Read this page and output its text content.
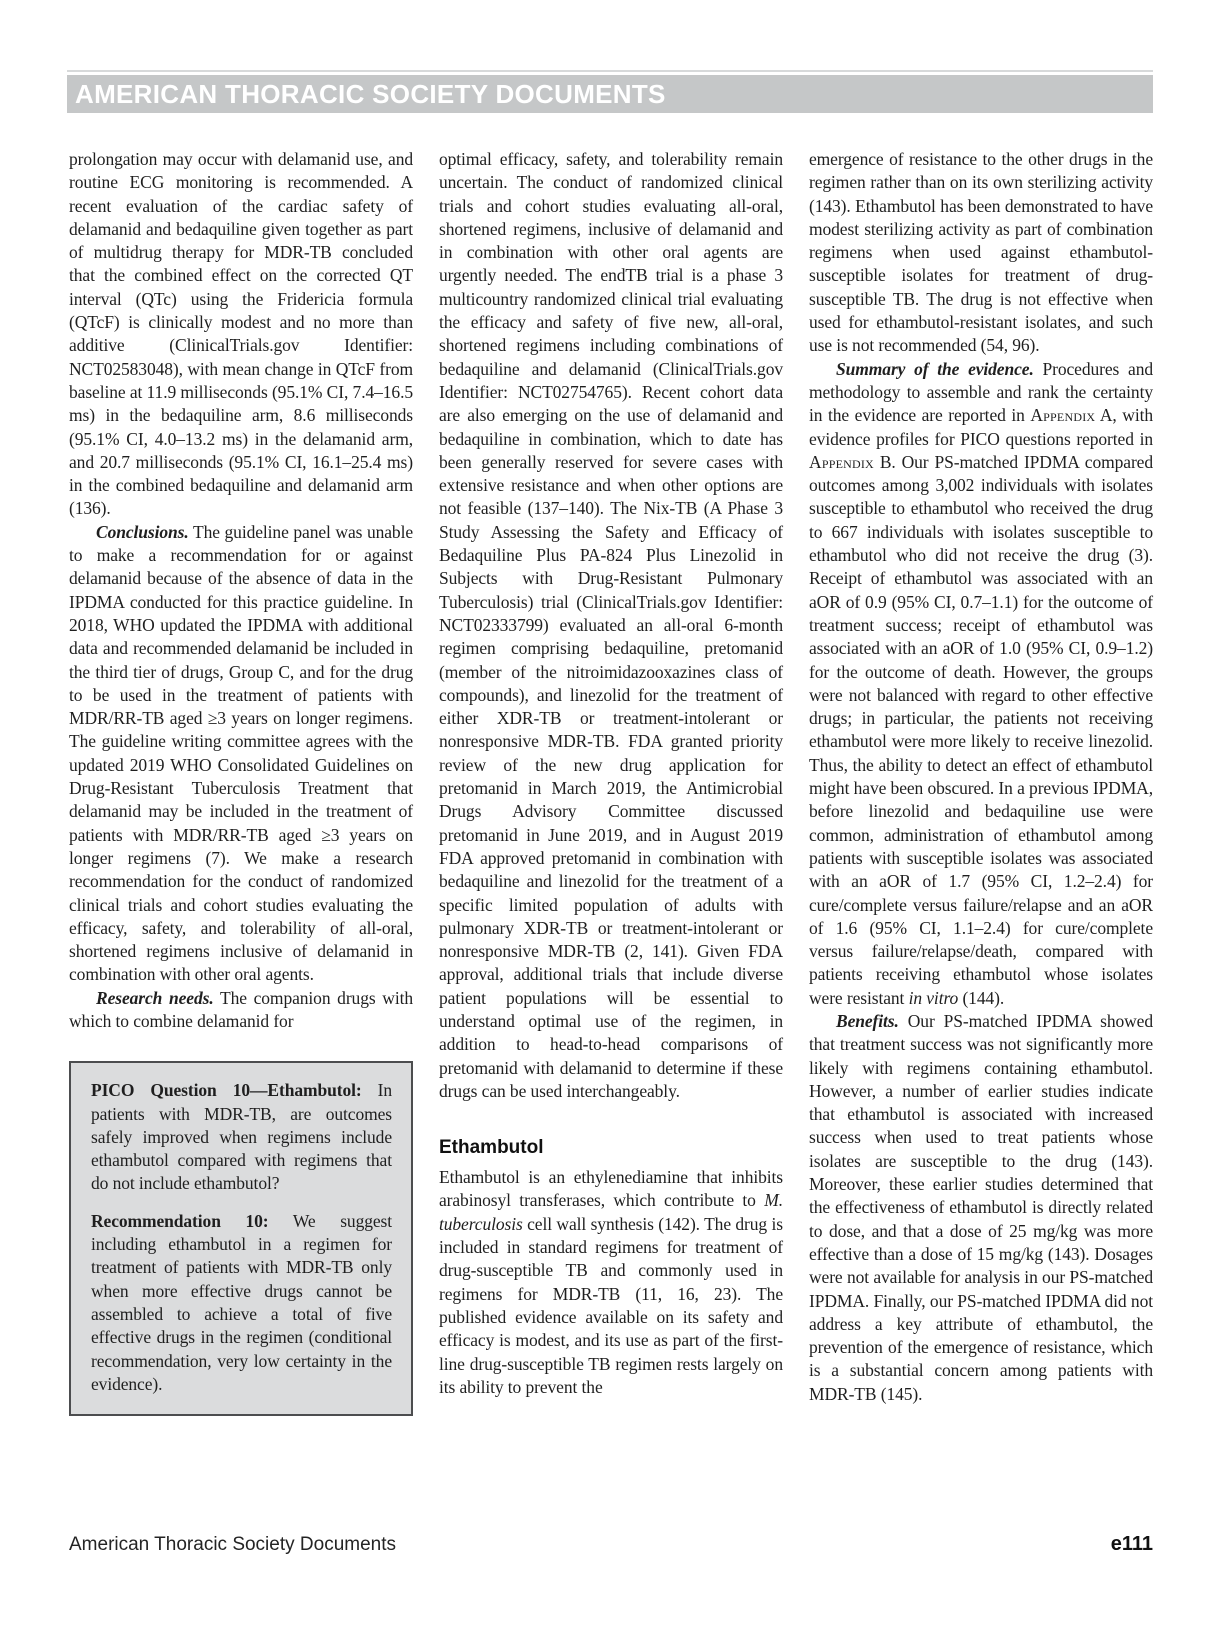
AMERICAN THORACIC SOCIETY DOCUMENTS

prolongation may occur with delamanid use, and routine ECG monitoring is recommended. A recent evaluation of the cardiac safety of delamanid and bedaquiline given together as part of multidrug therapy for MDR-TB concluded that the combined effect on the corrected QT interval (QTc) using the Fridericia formula (QTcF) is clinically modest and no more than additive (ClinicalTrials.gov Identifier: NCT02583048), with mean change in QTcF from baseline at 11.9 milliseconds (95.1% CI, 7.4–16.5 ms) in the bedaquiline arm, 8.6 milliseconds (95.1% CI, 4.0–13.2 ms) in the delamanid arm, and 20.7 milliseconds (95.1% CI, 16.1–25.4 ms) in the combined bedaquiline and delamanid arm (136).

Conclusions. The guideline panel was unable to make a recommendation for or against delamanid because of the absence of data in the IPDMA conducted for this practice guideline. In 2018, WHO updated the IPDMA with additional data and recommended delamanid be included in the third tier of drugs, Group C, and for the drug to be used in the treatment of patients with MDR/RR-TB aged ≥3 years on longer regimens. The guideline writing committee agrees with the updated 2019 WHO Consolidated Guidelines on Drug-Resistant Tuberculosis Treatment that delamanid may be included in the treatment of patients with MDR/RR-TB aged ≥3 years on longer regimens (7). We make a research recommendation for the conduct of randomized clinical trials and cohort studies evaluating the efficacy, safety, and tolerability of all-oral, shortened regimens inclusive of delamanid in combination with other oral agents.

Research needs. The companion drugs with which to combine delamanid for

PICO Question 10—Ethambutol: In patients with MDR-TB, are outcomes safely improved when regimens include ethambutol compared with regimens that do not include ethambutol?

Recommendation 10: We suggest including ethambutol in a regimen for treatment of patients with MDR-TB only when more effective drugs cannot be assembled to achieve a total of five effective drugs in the regimen (conditional recommendation, very low certainty in the evidence).

optimal efficacy, safety, and tolerability remain uncertain. The conduct of randomized clinical trials and cohort studies evaluating all-oral, shortened regimens, inclusive of delamanid and in combination with other oral agents are urgently needed. The endTB trial is a phase 3 multicountry randomized clinical trial evaluating the efficacy and safety of five new, all-oral, shortened regimens including combinations of bedaquiline and delamanid (ClinicalTrials.gov Identifier: NCT02754765). Recent cohort data are also emerging on the use of delamanid and bedaquiline in combination, which to date has been generally reserved for severe cases with extensive resistance and when other options are not feasible (137–140). The Nix-TB (A Phase 3 Study Assessing the Safety and Efficacy of Bedaquiline Plus PA-824 Plus Linezolid in Subjects with Drug-Resistant Pulmonary Tuberculosis) trial (ClinicalTrials.gov Identifier: NCT02333799) evaluated an all-oral 6-month regimen comprising bedaquiline, pretomanid (member of the nitroimidazooxazines class of compounds), and linezolid for the treatment of either XDR-TB or treatment-intolerant or nonresponsive MDR-TB. FDA granted priority review of the new drug application for pretomanid in March 2019, the Antimicrobial Drugs Advisory Committee discussed pretomanid in June 2019, and in August 2019 FDA approved pretomanid in combination with bedaquiline and linezolid for the treatment of a specific limited population of adults with pulmonary XDR-TB or treatment-intolerant or nonresponsive MDR-TB (2, 141). Given FDA approval, additional trials that include diverse patient populations will be essential to understand optimal use of the regimen, in addition to head-to-head comparisons of pretomanid with delamanid to determine if these drugs can be used interchangeably.

Ethambutol

Ethambutol is an ethylenediamine that inhibits arabinosyl transferases, which contribute to M. tuberculosis cell wall synthesis (142). The drug is included in standard regimens for treatment of drug-susceptible TB and commonly used in regimens for MDR-TB (11, 16, 23). The published evidence available on its safety and efficacy is modest, and its use as part of the first-line drug-susceptible TB regimen rests largely on its ability to prevent the

emergence of resistance to the other drugs in the regimen rather than on its own sterilizing activity (143). Ethambutol has been demonstrated to have modest sterilizing activity as part of combination regimens when used against ethambutol-susceptible isolates for treatment of drug-susceptible TB. The drug is not effective when used for ethambutol-resistant isolates, and such use is not recommended (54, 96).

Summary of the evidence. Procedures and methodology to assemble and rank the certainty in the evidence are reported in Appendix A, with evidence profiles for PICO questions reported in Appendix B. Our PS-matched IPDMA compared outcomes among 3,002 individuals with isolates susceptible to ethambutol who received the drug to 667 individuals with isolates susceptible to ethambutol who did not receive the drug (3). Receipt of ethambutol was associated with an aOR of 0.9 (95% CI, 0.7–1.1) for the outcome of treatment success; receipt of ethambutol was associated with an aOR of 1.0 (95% CI, 0.9–1.2) for the outcome of death. However, the groups were not balanced with regard to other effective drugs; in particular, the patients not receiving ethambutol were more likely to receive linezolid. Thus, the ability to detect an effect of ethambutol might have been obscured. In a previous IPDMA, before linezolid and bedaquiline use were common, administration of ethambutol among patients with susceptible isolates was associated with an aOR of 1.7 (95% CI, 1.2–2.4) for cure/complete versus failure/relapse and an aOR of 1.6 (95% CI, 1.1–2.4) for cure/complete versus failure/relapse/death, compared with patients receiving ethambutol whose isolates were resistant in vitro (144).

Benefits. Our PS-matched IPDMA showed that treatment success was not significantly more likely with regimens containing ethambutol. However, a number of earlier studies indicate that ethambutol is associated with increased success when used to treat patients whose isolates are susceptible to the drug (143). Moreover, these earlier studies determined that the effectiveness of ethambutol is directly related to dose, and that a dose of 25 mg/kg was more effective than a dose of 15 mg/kg (143). Dosages were not available for analysis in our PS-matched IPDMA. Finally, our PS-matched IPDMA did not address a key attribute of ethambutol, the prevention of the emergence of resistance, which is a substantial concern among patients with MDR-TB (145).

American Thoracic Society Documents	e111
